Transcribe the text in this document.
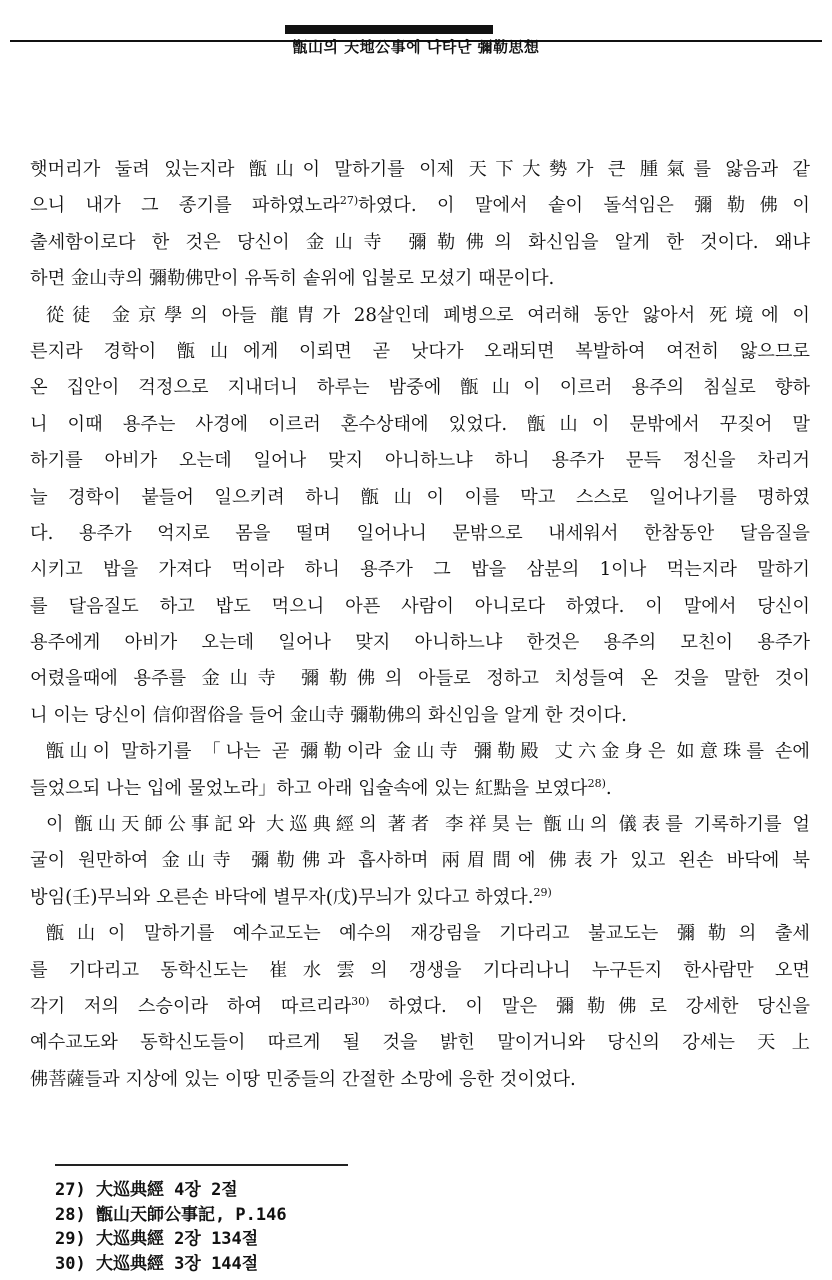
甑山의 天地公事에 나타난 彌勒思想
햇머리가 둘려 있는지라 甑山이 말하기를 이제 天下大勢가 큰 腫氣를 앓음과 같
으니 내가 그 종기를 파하였노라$^{27)}$하였다. 이 말에서 솥이 돌석임은 彌勒佛이
출세함이로다 한 것은 당신이 金山寺 彌勒佛의 화신임을 알게 한 것이다. 왜냐
하면 金山寺의 彌勒佛만이 유독히 솥위에 입불로 모셨기 때문이다.
從徒 金京學의 아들 龍胄가 28살인데 폐병으로 여러해 동안 앓아서 死境에 이
른지라 경학이 甑山에게 이뢰면 곧 낫다가 오래되면 복발하여 여전히 앓으므로
온 집안이 걱정으로 지내더니 하루는 밤중에 甑山이 이르러 용주의 침실로 향하
니 이때 용주는 사경에 이르러 혼수상태에 있었다. 甑山이 문밖에서 꾸짖어 말
하기를 아비가 오는데 일어나 맞지 아니하느냐 하니 용주가 문득 정신을 차리거
늘 경학이 붙들어 일으키려 하니 甑山이 이를 막고 스스로 일어나기를 명하였
다. 용주가 억지로 몸을 떨며 일어나니 문밖으로 내세워서 한참동안 달음질을
시키고 밥을 가져다 먹이라 하니 용주가 그 밥을 삼분의 1이나 먹는지라 말하기
를 달음질도 하고 밥도 먹으니 아픈 사람이 아니로다 하였다. 이 말에서 당신이
용주에게 아비가 오는데 일어나 맞지 아니하느냐 한것은 용주의 모친이 용주가
어렸을때에 용주를 金山寺 彌勒佛의 아들로 정하고 치성들여 온 것을 말한 것이
니 이는 당신이 信仰習俗을 들어 金山寺 彌勒佛의 화신임을 알게 한 것이다.
甑山이 말하기를 「나는 곧 彌勒이라 金山寺 彌勒殿 丈六金身은 如意珠를 손에
들었으되 나는 입에 물었노라」하고 아래 입술속에 있는 紅點을 보였다$^{28)}$.
이 甑山天師公事記와 大巡典經의 著者 李祥昊는 甑山의 儀表를 기록하기를 얼
굴이 원만하여 金山寺 彌勒佛과 흡사하며 兩眉間에 佛表가 있고 왼손 바닥에 북
방임(壬)무늬와 오른손 바닥에 별무자(戊)무늬가 있다고 하였다.$^{29)}$
甑山이 말하기를 예수교도는 예수의 재강림을 기다리고 불교도는 彌勒의 출세
를 기다리고 동학신도는 崔水雲의 갱생을 기다리나니 누구든지 한사람만 오면
각기 저의 스승이라 하여 따르리라$^{30)}$ 하였다. 이 말은 彌勒佛로 강세한 당신을
예수교도와 동학신도들이 따르게 될 것을 밝힌 말이거니와 당신의 강세는 天上
佛菩薩들과 지상에 있는 이땅 민중들의 간절한 소망에 응한 것이었다.
27) 大巡典經 4장 2절
28) 甑山天師公事記, P.146
29) 大巡典經 2장 134절
30) 大巡典經 3장 144절
